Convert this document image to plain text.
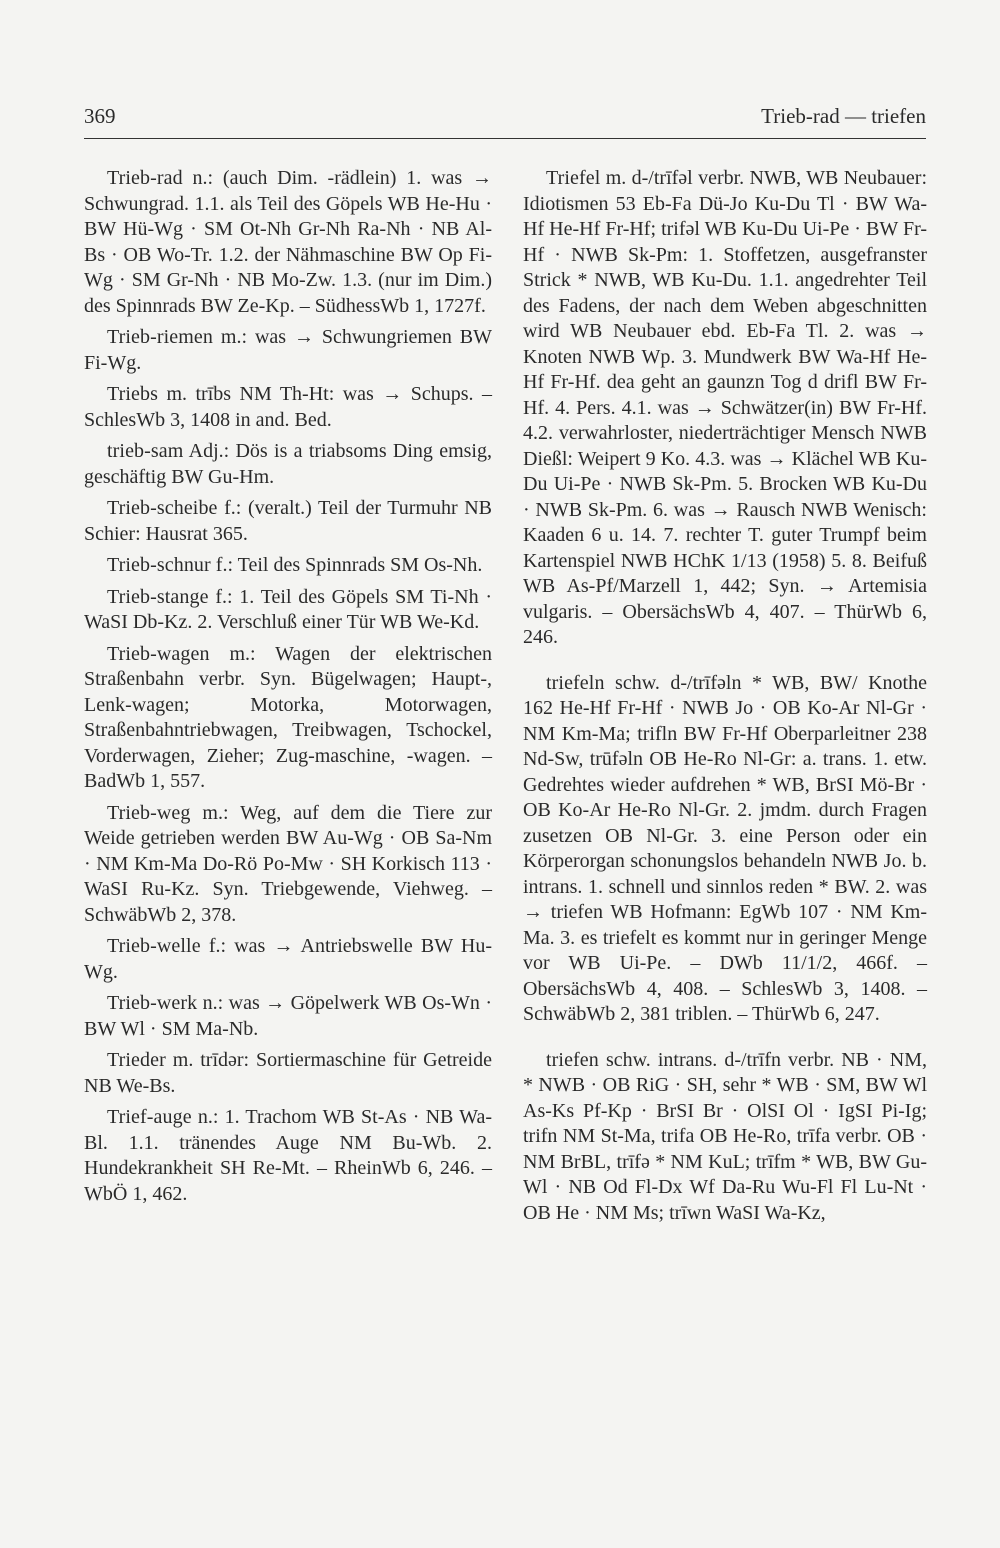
369	Trieb-rad — triefen

Trieb-rad n.: (auch Dim. -rädlein) 1. was → Schwungrad. 1.1. als Teil des Göpels WB He-Hu · BW Hü-Wg · SM Ot-Nh Gr-Nh Ra-Nh · NB Al-Bs · OB Wo-Tr. 1.2. der Nähmaschine BW Op Fi-Wg · SM Gr-Nh · NB Mo-Zw. 1.3. (nur im Dim.) des Spinnrads BW Ze-Kp. – SüdhessWb 1, 1727f.

Trieb-riemen m.: was → Schwungriemen BW Fi-Wg.

Triebs m. trībs NM Th-Ht: was → Schups. – SchlesWb 3, 1408 in and. Bed.

trieb-sam Adj.: Dös is a triabsoms Ding emsig, geschäftig BW Gu-Hm.

Trieb-scheibe f.: (veralt.) Teil der Turmuhr NB Schier: Hausrat 365.

Trieb-schnur f.: Teil des Spinnrads SM Os-Nh.

Trieb-stange f.: 1. Teil des Göpels SM Ti-Nh · WaSI Db-Kz. 2. Verschluß einer Tür WB We-Kd.

Trieb-wagen m.: Wagen der elektrischen Straßenbahn verbr. Syn. Bügelwagen; Haupt-, Lenk-wagen; Motorka, Motorwagen, Straßenbahntriebwagen, Treibwagen, Tschockel, Vorderwagen, Zieher; Zug-maschine, -wagen. – BadWb 1, 557.

Trieb-weg m.: Weg, auf dem die Tiere zur Weide getrieben werden BW Au-Wg · OB Sa-Nm · NM Km-Ma Do-Rö Po-Mw · SH Korkisch 113 · WaSI Ru-Kz. Syn. Triebgewende, Viehweg. – SchwäbWb 2, 378.

Trieb-welle f.: was → Antriebswelle BW Hu-Wg.

Trieb-werk n.: was → Göpelwerk WB Os-Wn · BW Wl · SM Ma-Nb.

Trieder m. trīdər: Sortiermaschine für Getreide NB We-Bs.

Trief-auge n.: 1. Trachom WB St-As · NB Wa-Bl. 1.1. tränendes Auge NM Bu-Wb. 2. Hundekrankheit SH Re-Mt. – RheinWb 6, 246. – WbÖ 1, 462.

Triefel m. d-/trīfəl verbr. NWB, WB Neubauer: Idiotismen 53 Eb-Fa Dü-Jo Ku-Du Tl · BW Wa-Hf He-Hf Fr-Hf; trifəl WB Ku-Du Ui-Pe · BW Fr-Hf · NWB Sk-Pm: 1. Stoffetzen, ausgefranster Strick * NWB, WB Ku-Du. 1.1. angedrehter Teil des Fadens, der nach dem Weben abgeschnitten wird WB Neubauer ebd. Eb-Fa Tl. 2. was → Knoten NWB Wp. 3. Mundwerk BW Wa-Hf He-Hf Fr-Hf. dea geht an gaunzn Tog d drifl BW Fr-Hf. 4. Pers. 4.1. was → Schwätzer(in) BW Fr-Hf. 4.2. verwahrloster, niederträchtiger Mensch NWB Dießl: Weipert 9 Ko. 4.3. was → Klächel WB Ku-Du Ui-Pe · NWB Sk-Pm. 5. Brocken WB Ku-Du · NWB Sk-Pm. 6. was → Rausch NWB Wenisch: Kaaden 6 u. 14. 7. rechter T. guter Trumpf beim Kartenspiel NWB HChK 1/13 (1958) 5. 8. Beifuß WB As-Pf/Marzell 1, 442; Syn. → Artemisia vulgaris. – ObersächsWb 4, 407. – ThürWb 6, 246.

triefeln schw. d-/trīfəln * WB, BW/ Knothe 162 He-Hf Fr-Hf · NWB Jo · OB Ko-Ar Nl-Gr · NM Km-Ma; trifln BW Fr-Hf Oberparleitner 238 Nd-Sw, trūfəln OB He-Ro Nl-Gr: a. trans. 1. etw. Gedrehtes wieder aufdrehen * WB, BrSI Mö-Br · OB Ko-Ar He-Ro Nl-Gr. 2. jmdm. durch Fragen zusetzen OB Nl-Gr. 3. eine Person oder ein Körperorgan schonungslos behandeln NWB Jo. b. intrans. 1. schnell und sinnlos reden * BW. 2. was → triefen WB Hofmann: EgWb 107 · NM Km-Ma. 3. es triefelt es kommt nur in geringer Menge vor WB Ui-Pe. – DWb 11/1/2, 466f. – ObersächsWb 4, 408. – SchlesWb 3, 1408. – SchwäbWb 2, 381 triblen. – ThürWb 6, 247.

triefen schw. intrans. d-/trīfn verbr. NB · NM, * NWB · OB RiG · SH, sehr * WB · SM, BW Wl As-Ks Pf-Kp · BrSI Br · OlSI Ol · IgSI Pi-Ig; trifn NM St-Ma, trifa OB He-Ro, trīfa verbr. OB · NM BrBL, trīfə * NM KuL; trīfm * WB, BW Gu-Wl · NB Od Fl-Dx Wf Da-Ru Wu-Fl Fl Lu-Nt · OB He · NM Ms; trīwn WaSI Wa-Kz,
